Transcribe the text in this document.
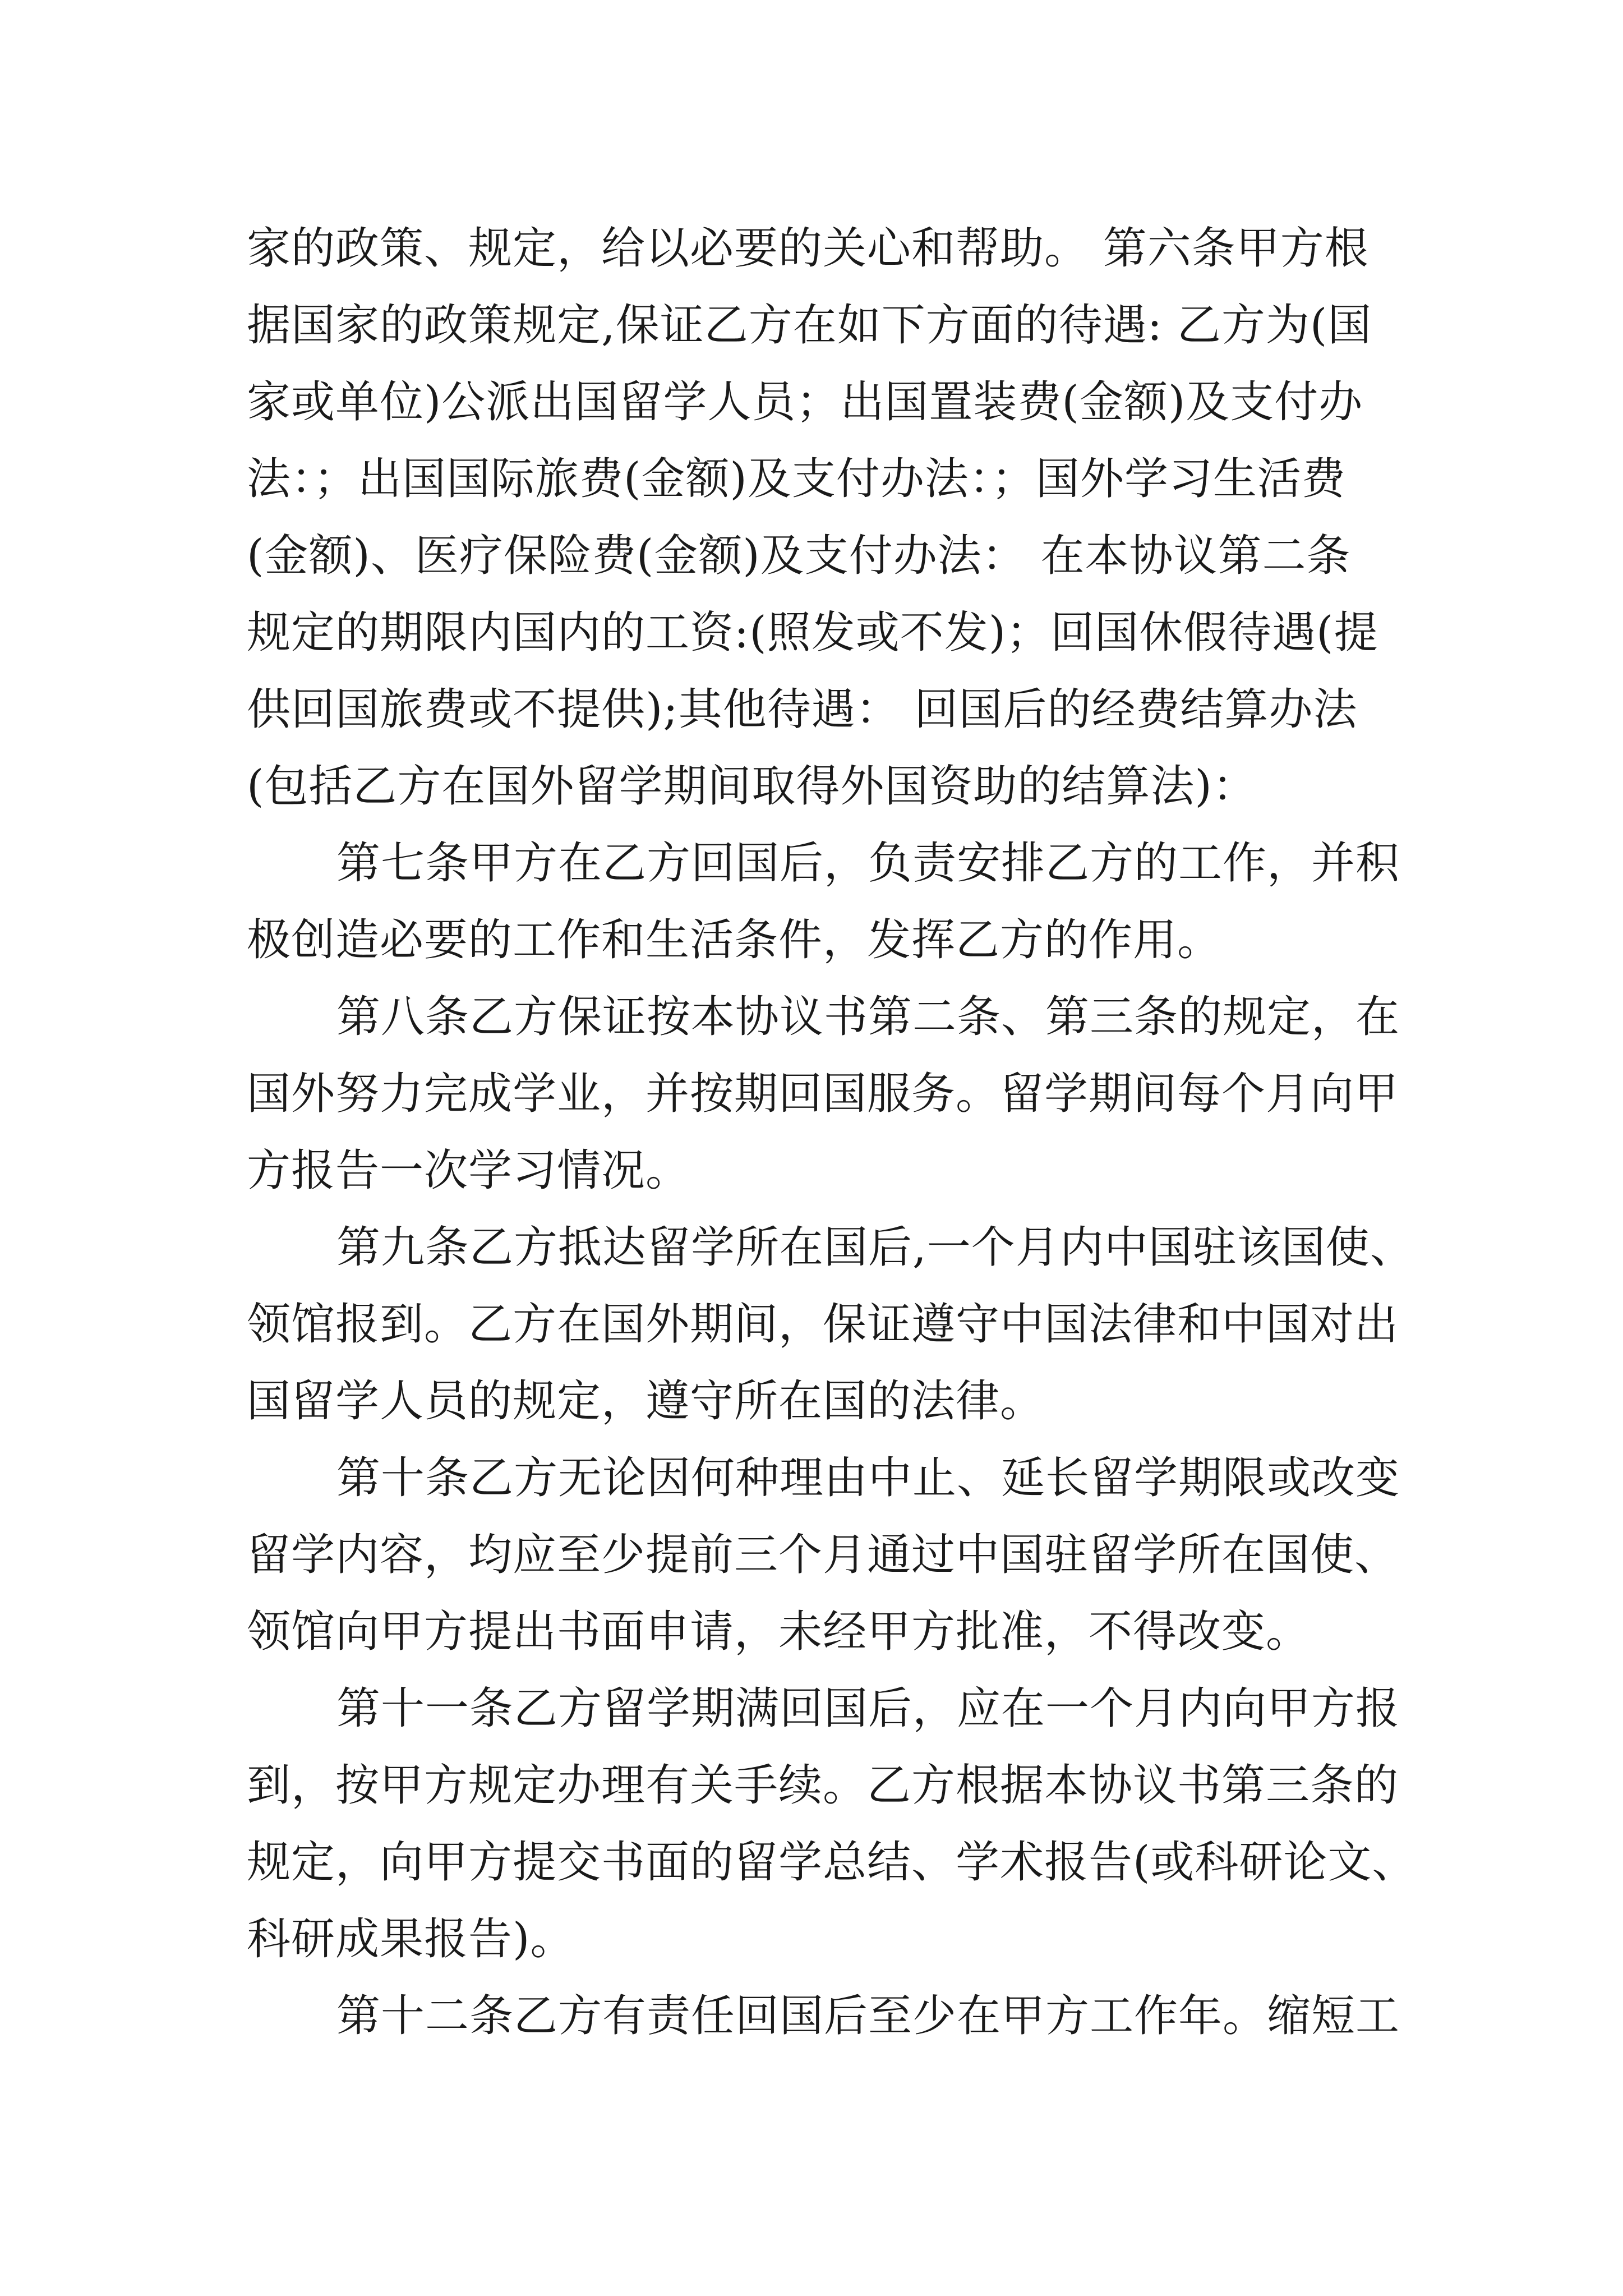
家的政策、规定，给以必要的关心和帮助。 第六条甲方根
据国家的政策规定,保证乙方在如下方面的待遇: 乙方为(国
家或单位)公派出国留学人员；出国置装费(金额)及支付办
法：；出国国际旅费(金额)及支付办法：；国外学习生活费
(金额)、医疗保险费(金额)及支付办法： 在本协议第二条
规定的期限内国内的工资:(照发或不发)；回国休假待遇(提
供回国旅费或不提供);其他待遇： 回国后的经费结算办法
(包括乙方在国外留学期间取得外国资助的结算法)：
第七条甲方在乙方回国后，负责安排乙方的工作，并积
极创造必要的工作和生活条件，发挥乙方的作用。
第八条乙方保证按本协议书第二条、第三条的规定，在
国外努力完成学业，并按期回国服务。留学期间每个月向甲
方报告一次学习情况。
第九条乙方抵达留学所在国后,一个月内中国驻该国使、
领馆报到。乙方在国外期间，保证遵守中国法律和中国对出
国留学人员的规定，遵守所在国的法律。
第十条乙方无论因何种理由中止、延长留学期限或改变
留学内容，均应至少提前三个月通过中国驻留学所在国使、
领馆向甲方提出书面申请，未经甲方批准，不得改变。
第十一条乙方留学期满回国后，应在一个月内向甲方报
到，按甲方规定办理有关手续。乙方根据本协议书第三条的
规定，向甲方提交书面的留学总结、学术报告(或科研论文、
科研成果报告)。
第十二条乙方有责任回国后至少在甲方工作年。缩短工
